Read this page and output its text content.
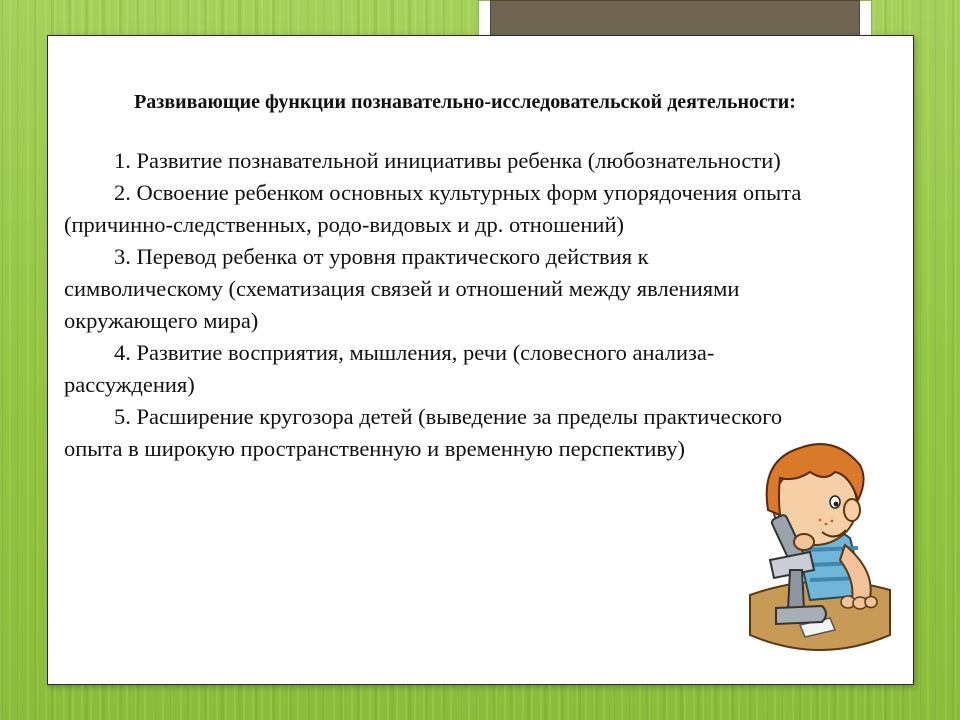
Развивающие функции познавательно-исследовательской деятельности:

1. Развитие познавательной инициативы ребенка (любознательности)

2. Освоение ребенком основных культурных форм упорядочения опыта (причинно-следственных, родо-видовых и др. отношений)

3. Перевод ребенка от уровня практического действия к символическому (схематизация связей и отношений между явлениями окружающего мира)

4. Развитие восприятия, мышления, речи (словесного анализа-рассуждения)

5. Расширение кругозора детей (выведение за пределы практического опыта в широкую пространственную и временную перспективу)
